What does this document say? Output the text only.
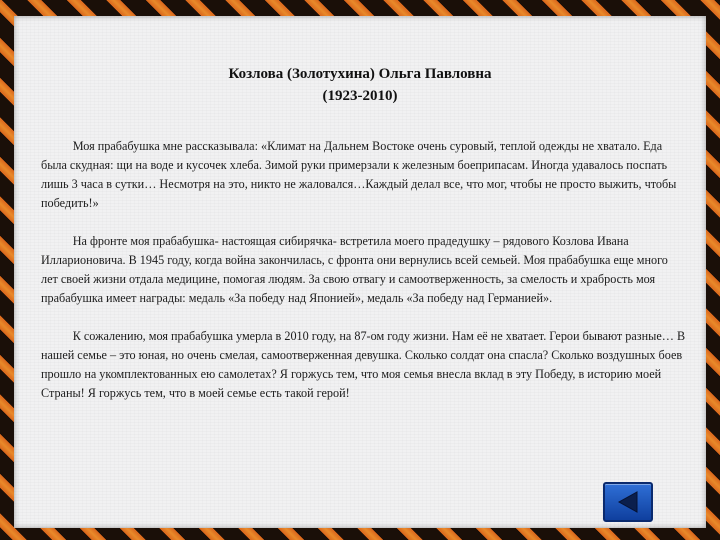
Козлова (Золотухина) Ольга Павловна
(1923-2010)

Моя прабабушка мне рассказывала: «Климат на Дальнем Востоке очень суровый, теплой одежды не хватало. Еда была скудная: щи на воде и кусочек хлеба. Зимой руки примерзали к железным боеприпасам. Иногда удавалось поспать лишь 3 часа в сутки… Несмотря на это, никто не жаловался…Каждый делал все, что мог, чтобы не просто выжить, чтобы победить!»

На фронте моя прабабушка- настоящая сибирячка- встретила моего прадедушку – рядового Козлова Ивана Илларионовича. В 1945 году, когда война закончилась, с фронта они вернулись всей семьей. Моя прабабушка еще много лет своей жизни отдала медицине, помогая людям. За свою отвагу и самоотверженность, за смелость и храбрость моя прабабушка имеет награды: медаль «За победу над Японией», медаль «За победу над Германией».

К сожалению, моя прабабушка умерла в 2010 году, на 87-ом году жизни. Нам её не хватает. Герои бывают разные… В нашей семье – это юная, но очень смелая, самоотверженная девушка. Сколько солдат она спасла? Сколько воздушных боев прошло на укомплектованных ею самолетах? Я горжусь тем, что моя семья внесла вклад в эту Победу, в историю моей Страны! Я горжусь тем, что в моей семье есть такой герой!
